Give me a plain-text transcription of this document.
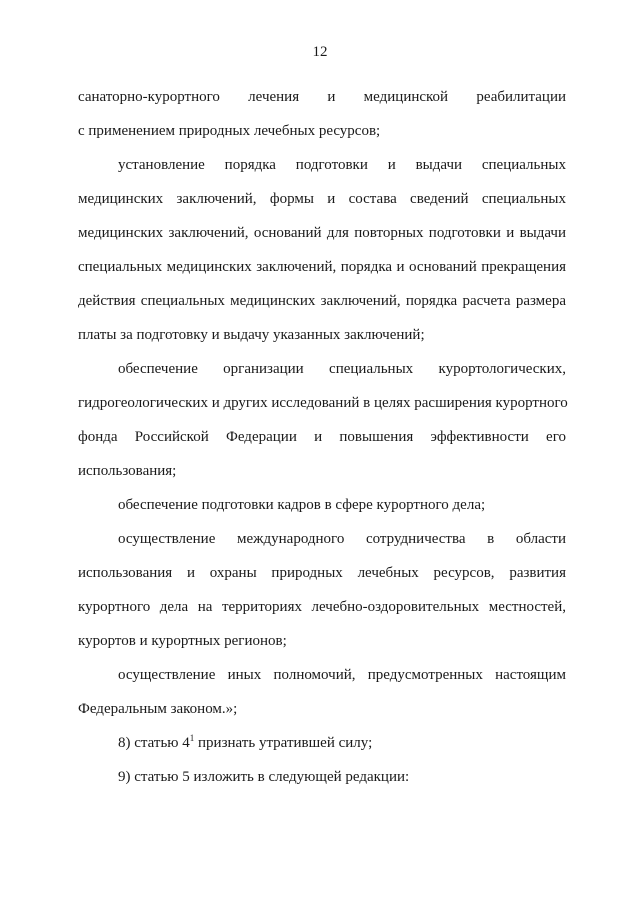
12

санаторно-курортного лечения и медицинской реабилитации
с применением природных лечебных ресурсов;

установление порядка подготовки и выдачи специальных
медицинских заключений, формы и состава сведений специальных
медицинских заключений, оснований для повторных подготовки и выдачи
специальных медицинских заключений, порядка и оснований прекращения
действия специальных медицинских заключений, порядка расчета размера
платы за подготовку и выдачу указанных заключений;

обеспечение организации специальных курортологических,
гидрогеологических и других исследований в целях расширения курортного
фонда Российской Федерации и повышения эффективности его
использования;

обеспечение подготовки кадров в сфере курортного дела;

осуществление международного сотрудничества в области
использования и охраны природных лечебных ресурсов, развития
курортного дела на территориях лечебно-оздоровительных местностей,
курортов и курортных регионов;

осуществление иных полномочий, предусмотренных настоящим
Федеральным законом.»;

8) статью $4^1$ признать утратившей силу;

9) статью 5 изложить в следующей редакции:
